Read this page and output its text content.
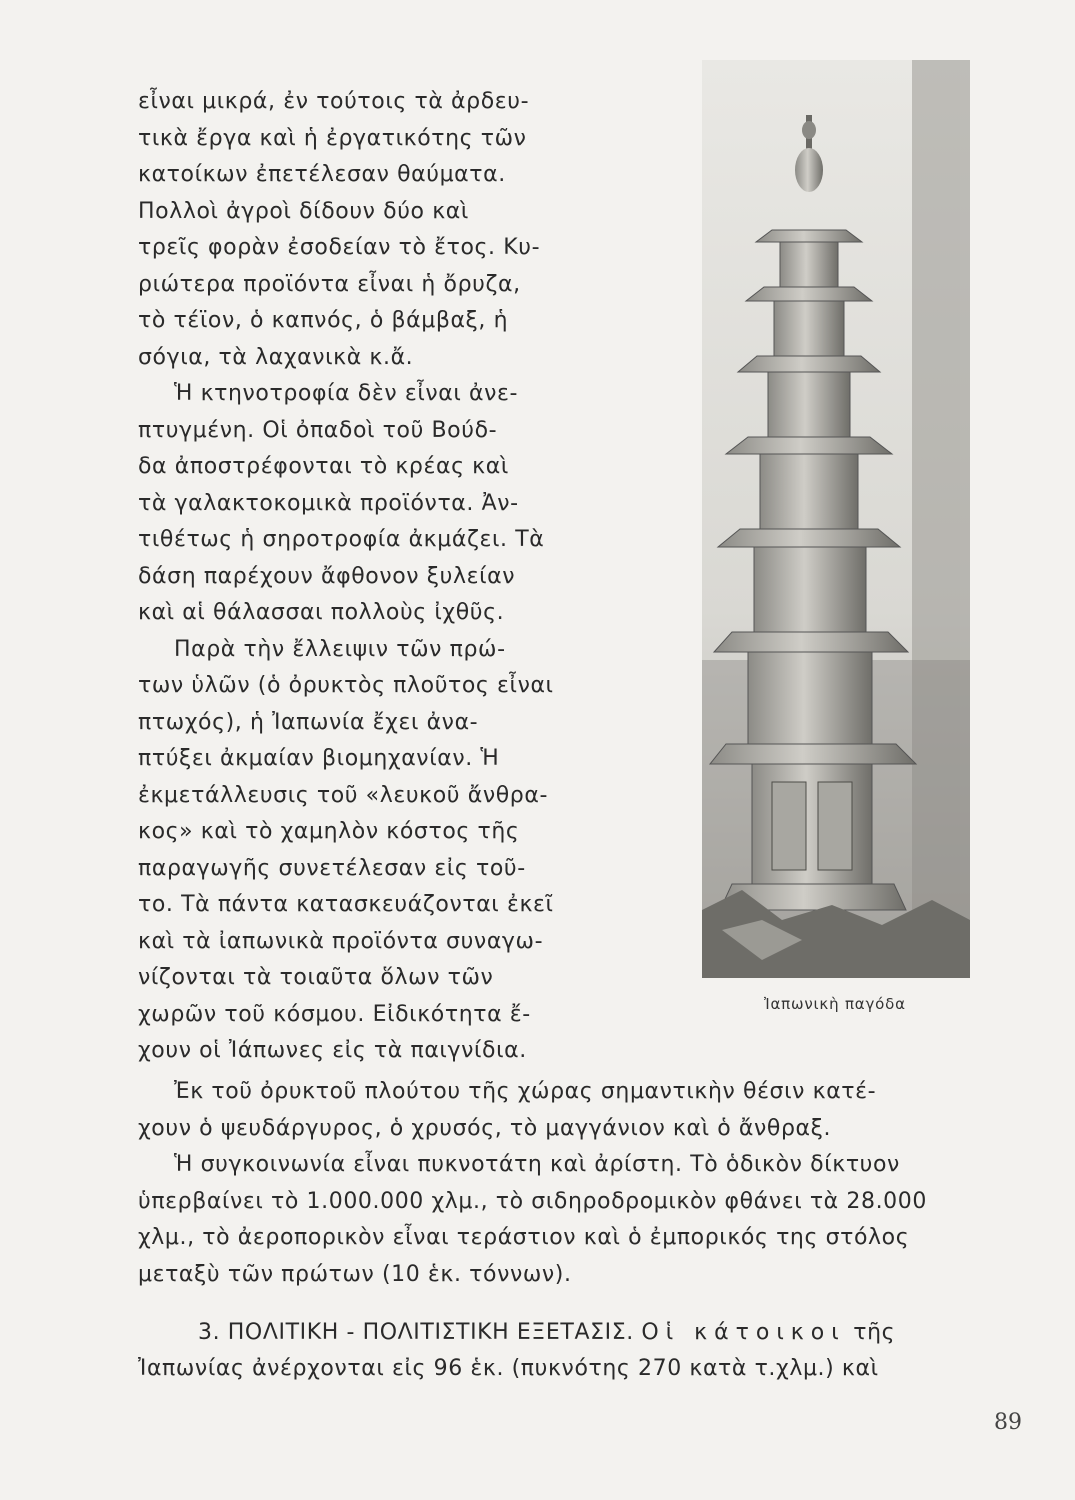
εἶναι μικρά, ἐν τούτοις τὰ ἀρδευ-
τικὰ ἔργα καὶ ἡ ἐργατικότης τῶν
κατοίκων ἐπετέλεσαν θαύματα.
Πολλοὶ ἀγροὶ δίδουν δύο καὶ
τρεῖς φορὰν ἐσοδείαν τὸ ἔτος. Κυ-
ριώτερα προϊόντα εἶναι ἡ ὄρυζα,
τὸ τέϊον, ὁ καπνός, ὁ βάμβαξ, ἡ
σόγια, τὰ λαχανικὰ κ.ἄ.
Ἡ κτηνοτροφία δὲν εἶναι ἀνε-
πτυγμένη. Οἱ ὀπαδοὶ τοῦ Βούδ-
δα ἀποστρέφονται τὸ κρέας καὶ
τὰ γαλακτοκομικὰ προϊόντα. Ἀν-
τιθέτως ἡ σηροτροφία ἀκμάζει. Τὰ
δάση παρέχουν ἄφθονον ξυλείαν
καὶ αἱ θάλασσαι πολλοὺς ἰχθῦς.
Παρὰ τὴν ἔλλειψιν τῶν πρώ-
των ὑλῶν (ὁ ὀρυκτὸς πλοῦτος εἶναι
πτωχός), ἡ Ἰαπωνία ἔχει ἀνα-
πτύξει ἀκμαίαν βιομηχανίαν. Ἡ
ἐκμετάλλευσις τοῦ «λευκοῦ ἄνθρα-
κος» καὶ τὸ χαμηλὸν κόστος τῆς
παραγωγῆς συνετέλεσαν εἰς τοῦ-
το. Τὰ πάντα κατασκευάζονται ἐκεῖ
καὶ τὰ ἰαπωνικὰ προϊόντα συναγω-
νίζονται τὰ τοιαῦτα ὅλων τῶν
χωρῶν τοῦ κόσμου. Εἰδικότητα ἔ-
χουν οἱ Ἰάπωνες εἰς τὰ παιγνίδια.
Ἰαπωνικὴ παγόδα
Ἐκ τοῦ ὀρυκτοῦ πλούτου τῆς χώρας σημαντικὴν θέσιν κατέ-
χουν ὁ ψευδάργυρος, ὁ χρυσός, τὸ μαγγάνιον καὶ ὁ ἄνθραξ.
Ἡ συγκοινωνία εἶναι πυκνοτάτη καὶ ἀρίστη. Τὸ ὁδικὸν δίκτυον
ὑπερβαίνει τὸ 1.000.000 χλμ., τὸ σιδηροδρομικὸν φθάνει τὰ 28.000
χλμ., τὸ ἀεροπορικὸν εἶναι τεράστιον καὶ ὁ ἐμπορικός της στόλος
μεταξὺ τῶν πρώτων (10 ἑκ. τόννων).
3. ΠΟΛΙΤΙΚΗ - ΠΟΛΙΤΙΣΤΙΚΗ ΕΞΕΤΑΣΙΣ. Οἱ κάτοικοι τῆς
Ἰαπωνίας ἀνέρχονται εἰς 96 ἑκ. (πυκνότης 270 κατὰ τ.χλμ.) καὶ
89
